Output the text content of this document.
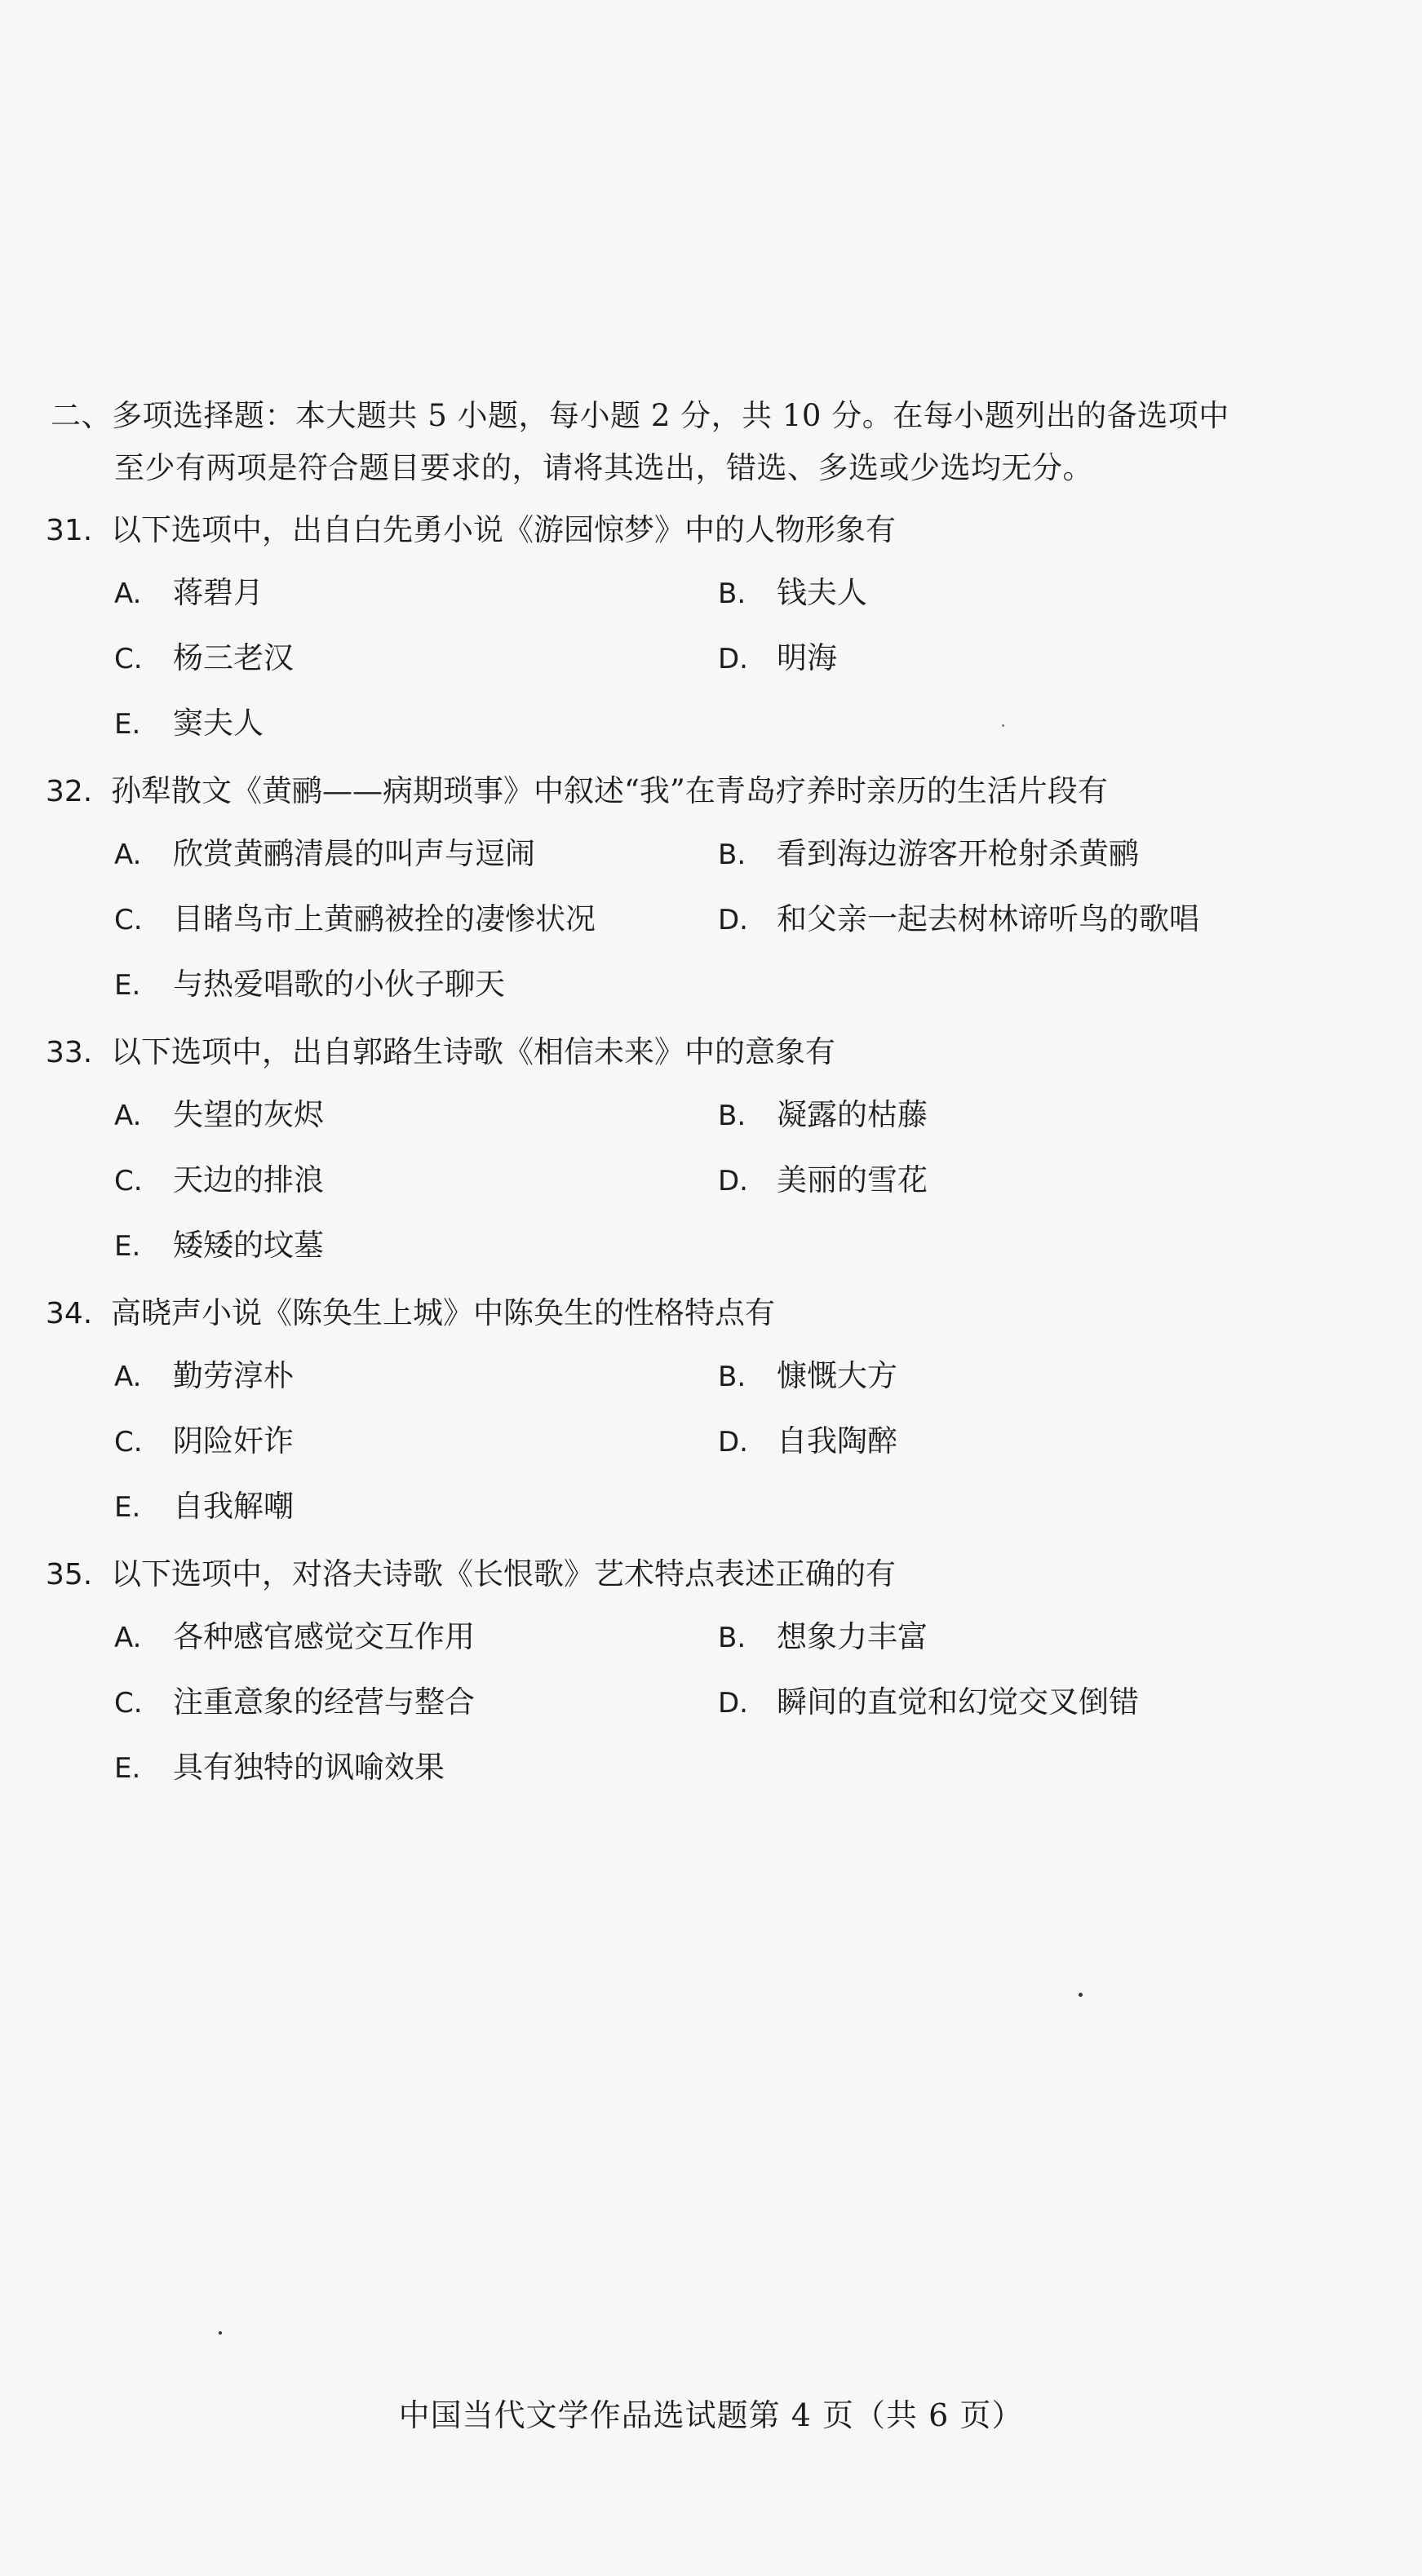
二、多项选择题：本大题共 5 小题，每小题 2 分，共 10 分。在每小题列出的备选项中
至少有两项是符合题目要求的，请将其选出，错选、多选或少选均无分。
31. 以下选项中，出自白先勇小说《游园惊梦》中的人物形象有
A. 蒋碧月	B. 钱夫人
C. 杨三老汉	D. 明海
E. 窦夫人
32. 孙犁散文《黄鹂——病期琐事》中叙述“我”在青岛疗养时亲历的生活片段有
A. 欣赏黄鹂清晨的叫声与逗闹	B. 看到海边游客开枪射杀黄鹂
C. 目睹鸟市上黄鹂被拴的凄惨状况	D. 和父亲一起去树林谛听鸟的歌唱
E. 与热爱唱歌的小伙子聊天
33. 以下选项中，出自郭路生诗歌《相信未来》中的意象有
A. 失望的灰烬	B. 凝露的枯藤
C. 天边的排浪	D. 美丽的雪花
E. 矮矮的坟墓
34. 高晓声小说《陈奂生上城》中陈奂生的性格特点有
A. 勤劳淳朴	B. 慷慨大方
C. 阴险奸诈	D. 自我陶醉
E. 自我解嘲
35. 以下选项中，对洛夫诗歌《长恨歌》艺术特点表述正确的有
A. 各种感官感觉交互作用	B. 想象力丰富
C. 注重意象的经营与整合	D. 瞬间的直觉和幻觉交叉倒错
E. 具有独特的讽喻效果
中国当代文学作品选试题第 4 页（共 6 页）
